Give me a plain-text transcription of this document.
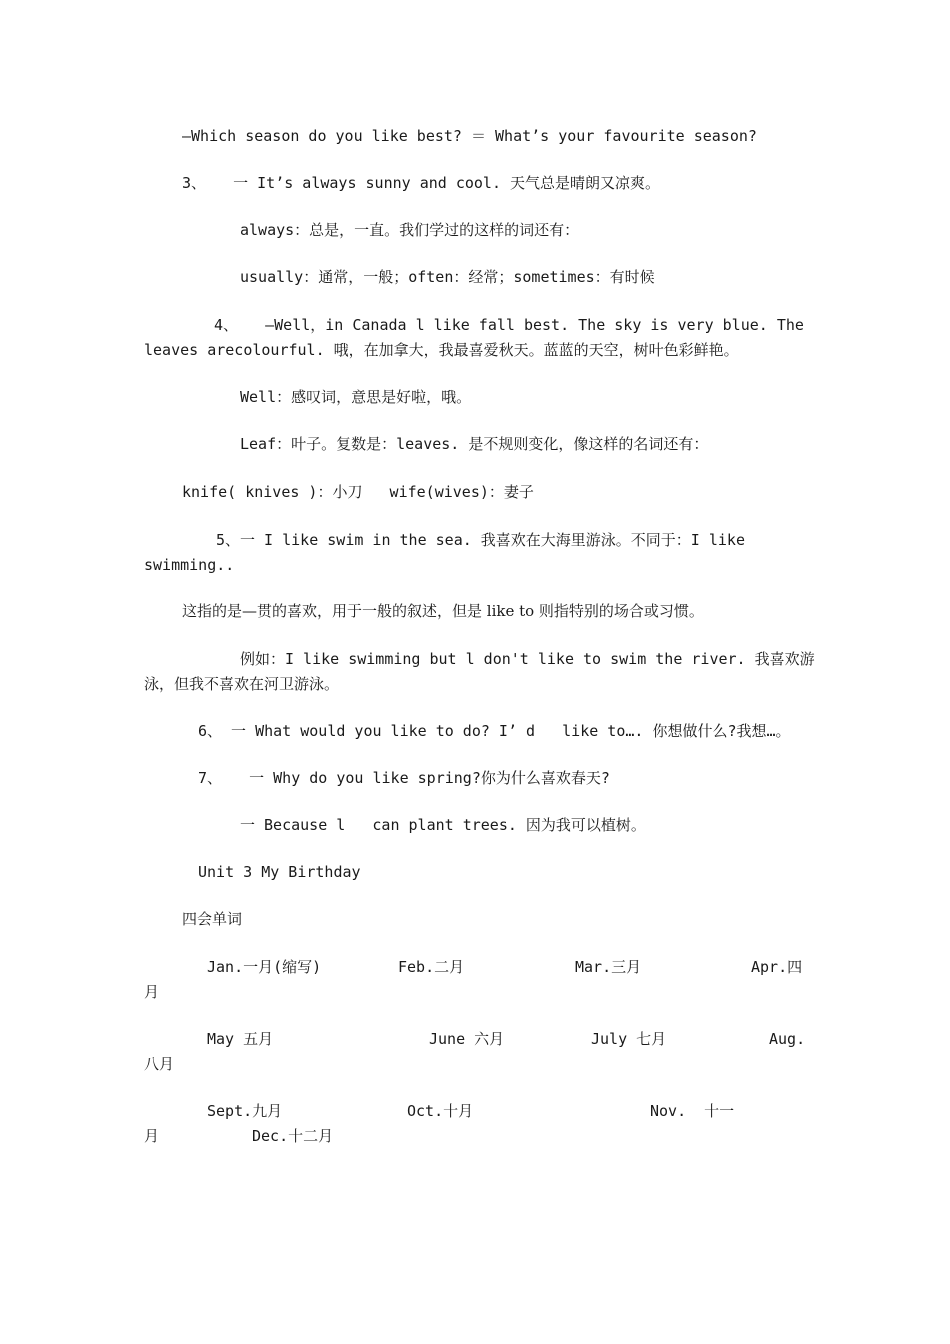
—Which season do you like best? ＝ What’s your favourite season?

3、   一 It’s always sunny and cool. 天气总是晴朗又凉爽。

always：总是，一直。我们学过的这样的词还有：

usually：通常，一般；often：经常；sometimes：有时候

4、   —Well，in Canada l like fall best. The sky is very blue. The

leaves arecolourful. 哦，在加拿大，我最喜爱秋天。蓝蓝的天空，树叶色彩鲜艳。

Well：感叹词，意思是好啦，哦。

Leaf：叶子。复数是：leaves. 是不规则变化，像这样的名词还有：

knife( knives )：小刀   wife(wives)：妻子

5、一 I like swim in the sea. 我喜欢在大海里游泳。不同于：I like

swimming..

这指的是—贯的喜欢，用于一般的叙述，但是 like to 则指特别的场合或习惯。

例如：I like swimming but l don't like to swim the river. 我喜欢游

泳，但我不喜欢在河卫游泳。

6、 一 What would you like to do? I’ d   like to…. 你想做什么?我想…。

7、   一 Why do you like spring?你为什么喜欢春天?

一 Because l   can plant trees. 因为我可以植树。

Unit 3 My Birthday

四会单词

Jan.一月(缩写)	Feb.二月	Mar.三月	Apr.四

月

May 五月	June 六月	July 七月	Aug.

八月

Sept.九月	Oct.十月	Nov.  十一

月	Dec.十二月
